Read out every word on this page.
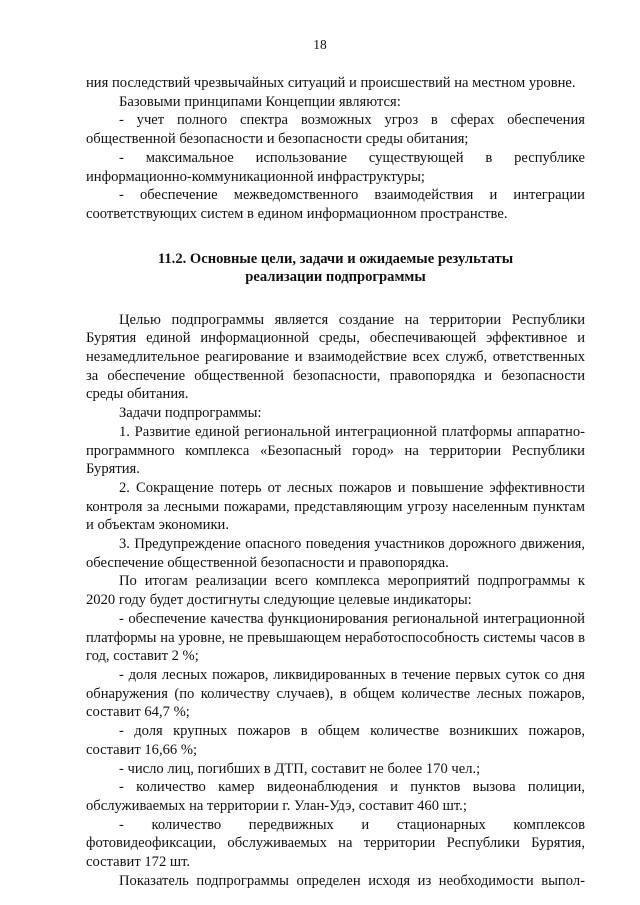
18

ния последствий чрезвычайных ситуаций и происшествий на местном уровне.

Базовыми принципами Концепции являются:

- учет полного спектра возможных угроз в сферах обеспечения общественной безопасности и безопасности среды обитания;

- максимальное использование существующей в республике информационно-коммуникационной инфраструктуры;

- обеспечение межведомственного взаимодействия и интеграции соответствующих систем в едином информационном пространстве.

11.2. Основные цели, задачи и ожидаемые результаты
реализации подпрограммы

Целью подпрограммы является создание на территории Республики Бурятия единой информационной среды, обеспечивающей эффективное и незамедлительное реагирование и взаимодействие всех служб, ответственных за обеспечение общественной безопасности, правопорядка и безопасности среды обитания.

Задачи подпрограммы:

1. Развитие единой региональной интеграционной платформы аппаратно-программного комплекса «Безопасный город» на территории Республики Бурятия.

2. Сокращение потерь от лесных пожаров и повышение эффективности контроля за лесными пожарами, представляющим угрозу населенным пунктам и объектам экономики.

3. Предупреждение опасного поведения участников дорожного движения, обеспечение общественной безопасности и правопорядка.

По итогам реализации всего комплекса мероприятий подпрограммы к 2020 году будет достигнуты следующие целевые индикаторы:

- обеспечение качества функционирования региональной интеграционной платформы на уровне, не превышающем неработоспособность системы часов в год, составит 2 %;

- доля лесных пожаров, ликвидированных в течение первых суток со дня обнаружения (по количеству случаев), в общем количестве лесных пожаров, составит 64,7 %;

- доля крупных пожаров в общем количестве возникших пожаров, составит 16,66 %;

- число лиц, погибших в ДТП, составит не более 170 чел.;

- количество камер видеонаблюдения и пунктов вызова полиции, обслуживаемых на территории г. Улан-Удэ, составит 460 шт.;

- количество передвижных и стационарных комплексов фотовидеофиксации, обслуживаемых на территории Республики Бурятия, составит 172 шт.

Показатель подпрограммы определен исходя из необходимости выпол-
